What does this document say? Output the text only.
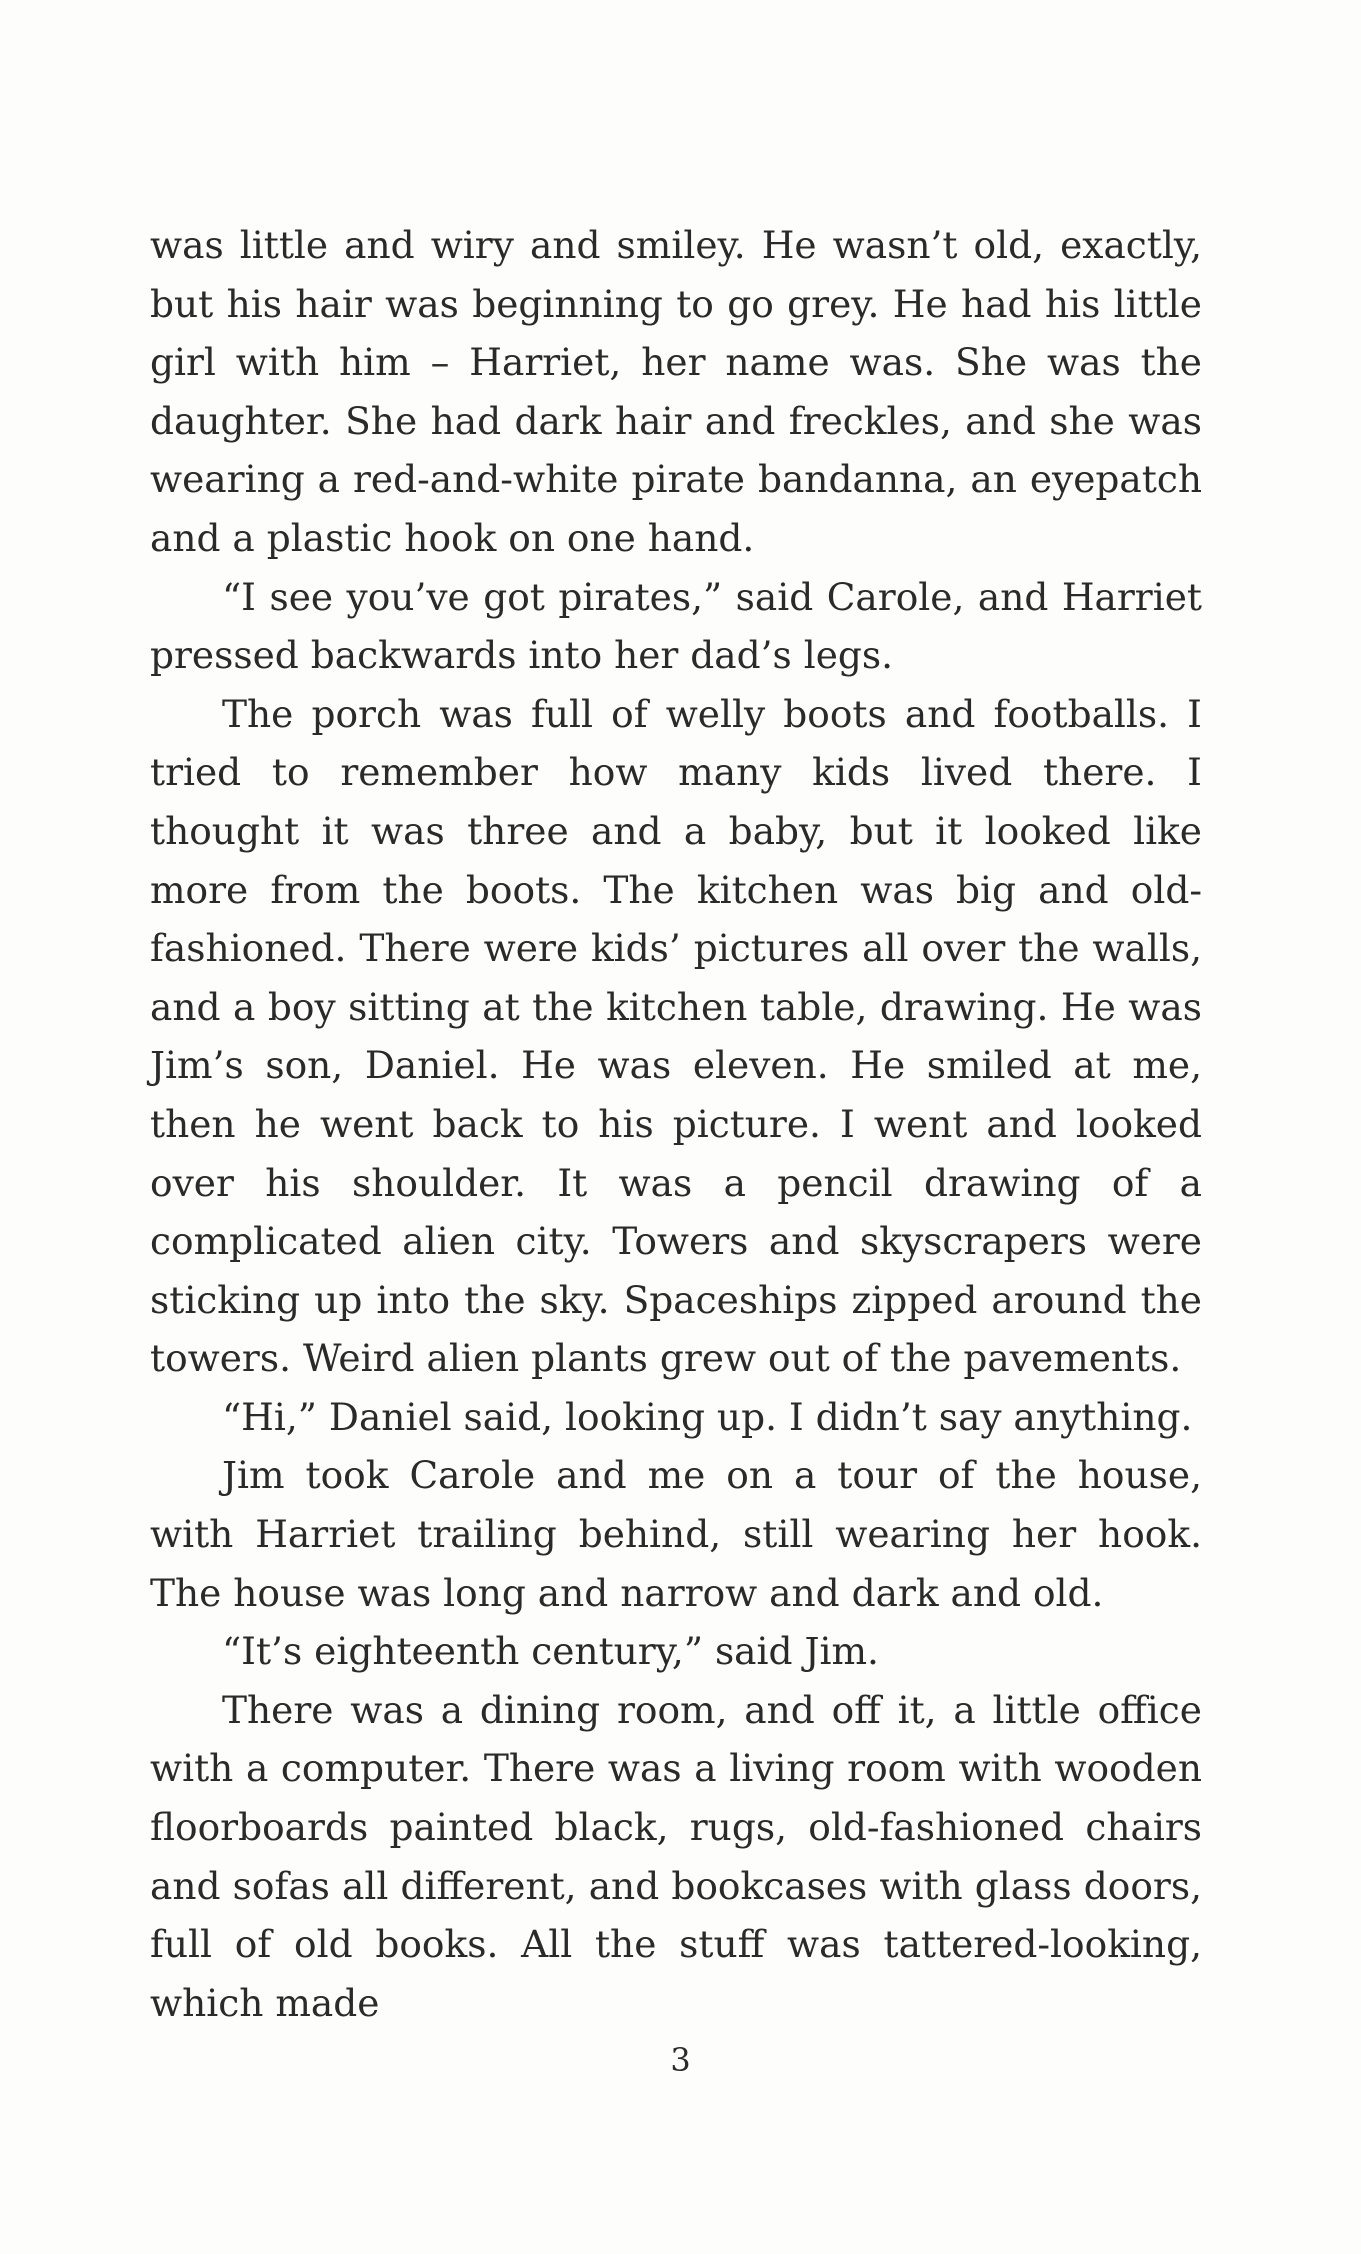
was little and wiry and smiley. He wasn’t old, exactly, but his hair was beginning to go grey. He had his little girl with him – Harriet, her name was. She was the daughter. She had dark hair and freckles, and she was wearing a red-and-white pirate bandanna, an eyepatch and a plastic hook on one hand.

“I see you’ve got pirates,” said Carole, and Harriet pressed backwards into her dad’s legs.

The porch was full of welly boots and footballs. I tried to remember how many kids lived there. I thought it was three and a baby, but it looked like more from the boots. The kitchen was big and old-fashioned. There were kids’ pictures all over the walls, and a boy sitting at the kitchen table, drawing. He was Jim’s son, Daniel. He was eleven. He smiled at me, then he went back to his picture. I went and looked over his shoulder. It was a pencil drawing of a complicated alien city. Towers and skyscrapers were sticking up into the sky. Spaceships zipped around the towers. Weird alien plants grew out of the pavements.

“Hi,” Daniel said, looking up. I didn’t say anything.

Jim took Carole and me on a tour of the house, with Harriet trailing behind, still wearing her hook. The house was long and narrow and dark and old.

“It’s eighteenth century,” said Jim.

There was a dining room, and off it, a little office with a computer. There was a living room with wooden floorboards painted black, rugs, old-fashioned chairs and sofas all different, and bookcases with glass doors, full of old books. All the stuff was tattered-looking, which made

3
